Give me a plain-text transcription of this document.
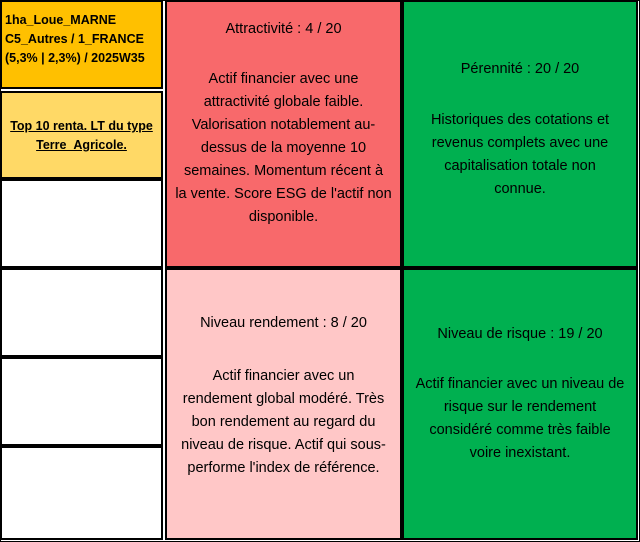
1ha_Loue_MARNE
C5_Autres / 1_FRANCE
(5,3% | 2,3%) / 2025W35
Top 10 renta. LT du type
Terre_Agricole.
Attractivité : 4 / 20
Actif financier avec une
attractivité globale faible.
Valorisation notablement au-
dessus de la moyenne 10
semaines. Momentum récent à
la vente. Score ESG de l'actif non
disponible.
Pérennité : 20 / 20
Historiques des cotations et
revenus complets avec une
capitalisation totale non
connue.
Niveau rendement : 8 / 20
Actif financier avec un
rendement global modéré. Très
bon rendement au regard du
niveau de risque. Actif qui sous-
performe l'index de référence.
Niveau de risque : 19 / 20
Actif financier avec un niveau de
risque sur le rendement
considéré comme très faible
voire inexistant.
